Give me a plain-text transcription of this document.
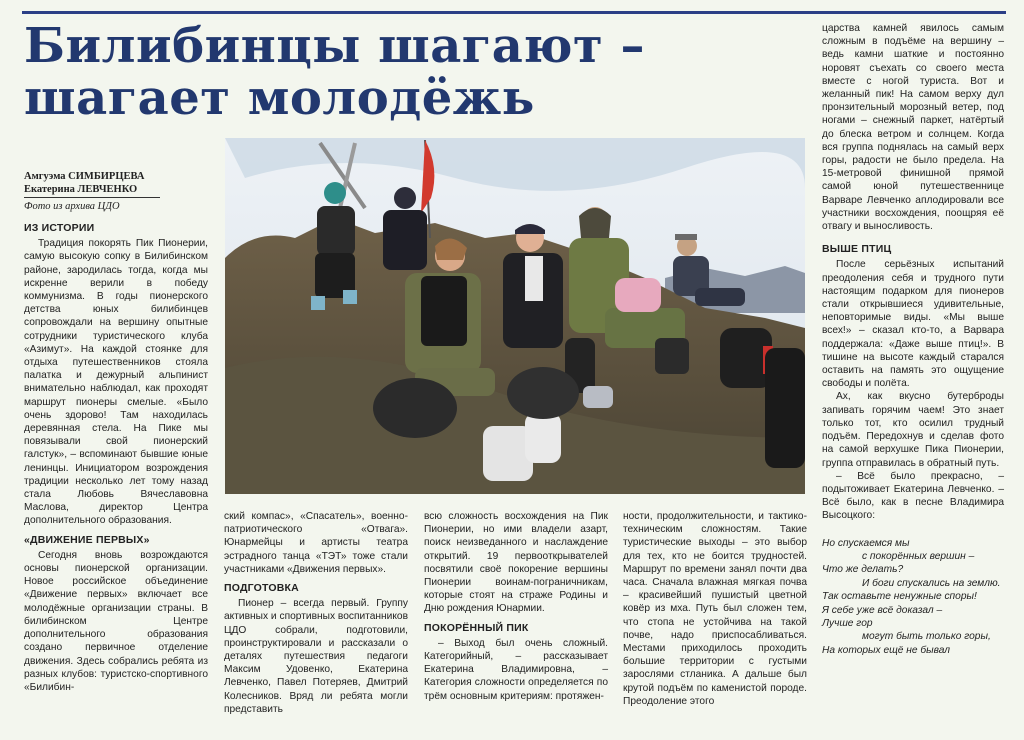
Билибинцы шагают –
шагает молодёжь
Амгуэма СИМБИРЦЕВА
Екатерина ЛЕВЧЕНКО
Фото из архива ЦДО
ИЗ ИСТОРИИ

Традиция покорять Пик Пионерии, самую высокую сопку в Билибинском районе, зародилась тогда, когда мы искренне верили в победу коммунизма. В годы пионерского детства юных билибинцев сопровождали на вершину опытные сотрудники туристического клуба «Азимут». На каждой стоянке для отдыха путешественников стояла палатка и дежурный альпинист внимательно наблюдал, как проходят маршрут пионеры смелые. «Было очень здорово! Там находилась деревянная стела. На Пике мы повязывали свой пионерский галстук», – вспоминают бывшие юные ленинцы. Инициатором возрождения традиции несколько лет тому назад стала Любовь Вячеславовна Маслова, директор Центра дополнительного образования.

«ДВИЖЕНИЕ ПЕРВЫХ»

Сегодня вновь возрождаются основы пионерской организации. Новое российское объединение «Движение первых» включает все молодёжные организации страны. В билибинском Центре дополнительного образования создано первичное отделение движения. Здесь собрались ребята из разных клубов: туристско-спортивного «Билибин-

ский компас», «Спасатель», военно-патриотического «Отвага». Юнармейцы и артисты театра эстрадного танца «ТЭТ» тоже стали участниками «Движения первых».

ПОДГОТОВКА

Пионер – всегда первый. Группу активных и спортивных воспитанников ЦДО собрали, подготовили, проинструктировали и рассказали о деталях путешествия педагоги Максим Удовенко, Екатерина Левченко, Павел Потеряев, Дмитрий Колесников. Вряд ли ребята могли представить

всю сложность восхождения на Пик Пионерии, но ими владели азарт, поиск неизведанного и наслаждение открытий. 19 первооткрывателей посвятили своё покорение вершины Пионерии воинам-пограничникам, которые стоят на страже Родины и Дню рождения Юнармии.

ПОКОРЁННЫЙ ПИК

– Выход был очень сложный. Категорийный, – рассказывает Екатерина Владимировна, – Категория сложности определяется по трём основным критериям: протяжен-

ности, продолжительности, и тактико-техническим сложностям. Такие туристические выходы – это выбор для тех, кто не боится трудностей. Маршрут по времени занял почти два часа. Сначала влажная мягкая почва – красивейший пушистый цветной ковёр из мха. Путь был сложен тем, что стопа не устойчива на такой почве, надо приспосабливаться. Местами приходилось проходить большие территории с густыми зарослями стланика. А дальше был крутой подъём по каменистой породе. Преодоление этого

царства камней явилось самым сложным в подъёме на вершину – ведь камни шаткие и постоянно норовят съехать со своего места вместе с ногой туриста. Вот и желанный пик! На самом верху дул пронзительный морозный ветер, под ногами – снежный паркет, натёртый до блеска ветром и солнцем. Когда вся группа поднялась на самый верх горы, радости не было предела. На 15-метровой финишной прямой самой юной путешественнице Варваре Левченко аплодировали все участники восхождения, поощряя её отвагу и выносливость.

ВЫШЕ ПТИЦ

После серьёзных испытаний преодоления себя и трудного пути настоящим подарком для пионеров стали открывшиеся удивительные, неповторимые виды. «Мы выше всех!» – сказал кто-то, а Варвара поддержала: «Даже выше птиц!». В тишине на высоте каждый старался оставить на память это ощущение свободы и полёта.

Ах, как вкусно бутерброды запивать горячим чаем! Это знает только тот, кто осилил трудный подъём. Передохнув и сделав фото на самой верхушке Пика Пионерии, группа отправилась в обратный путь.

– Всё было прекрасно, – подытоживает Екатерина Левченко. – Всё было, как в песне Владимира Высоцкого:

Но спускаемся мы
с покорённых вершин –
Что же делать?
И боги спускались на землю.
Так оставьте ненужные споры!
Я себе уже всё доказал –
Лучше гор
могут быть только горы,
На которых ещё не бывал
